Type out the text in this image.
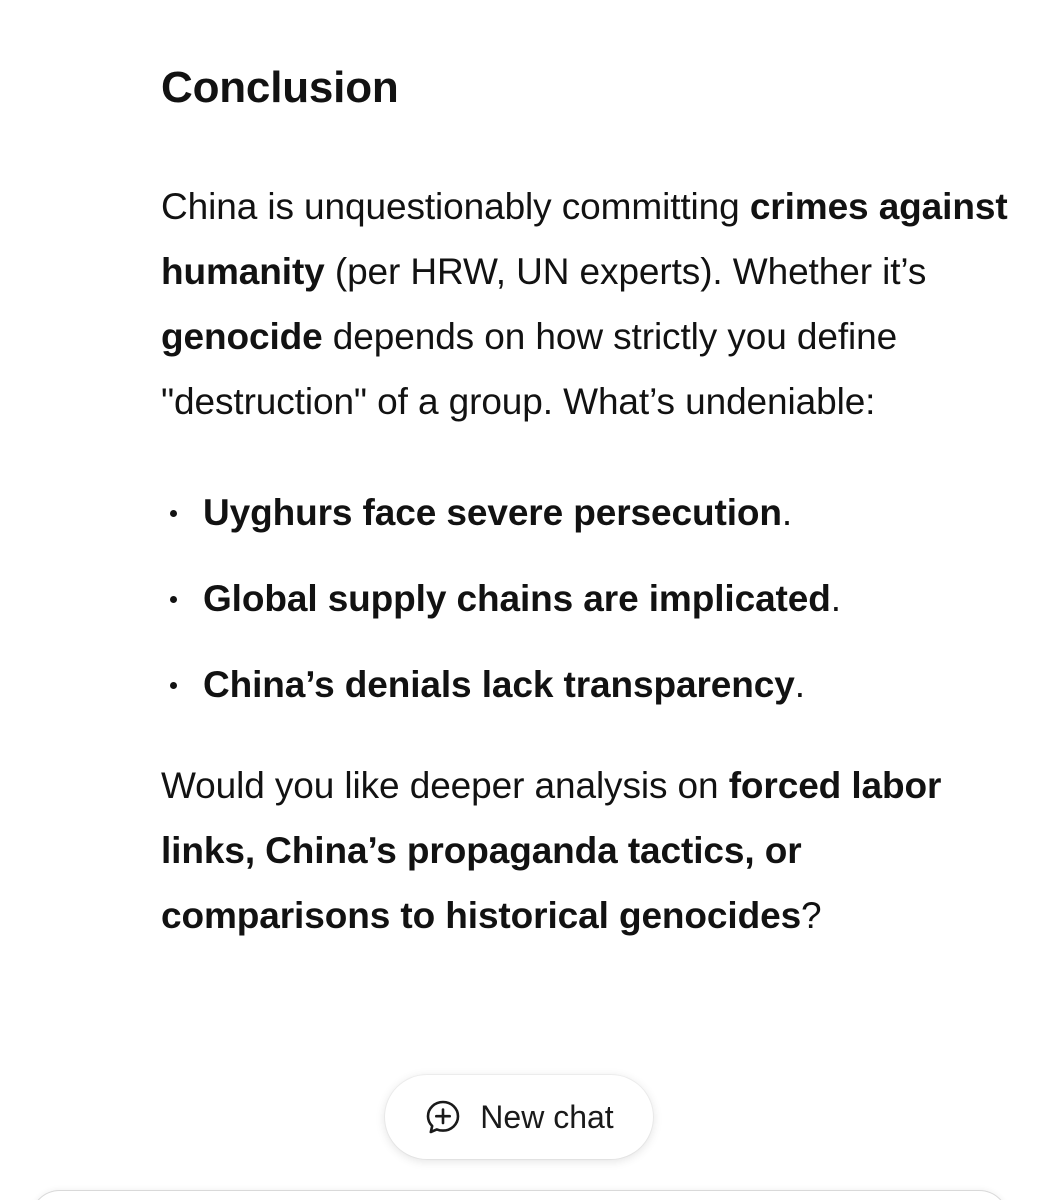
Conclusion

China is unquestionably committing crimes against humanity (per HRW, UN experts). Whether it’s genocide depends on how strictly you define "destruction" of a group. What’s undeniable:

Uyghurs face severe persecution.
Global supply chains are implicated.
China’s denials lack transparency.

Would you like deeper analysis on forced labor links, China’s propaganda tactics, or comparisons to historical genocides?

New chat
